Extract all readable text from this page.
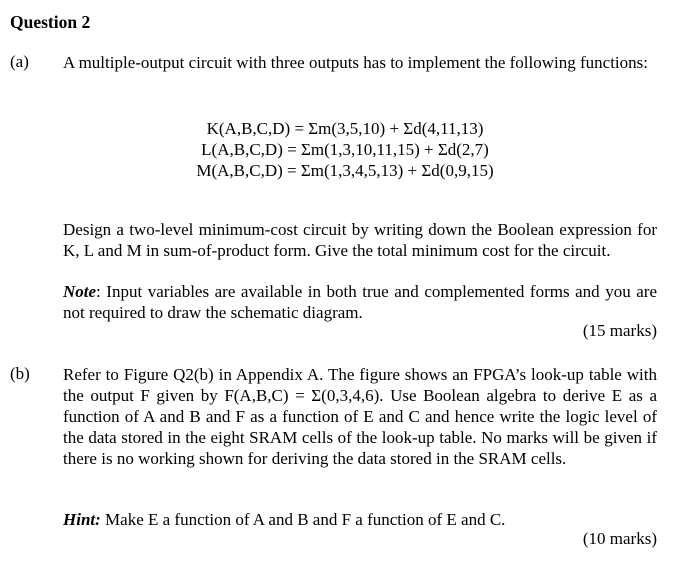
Question 2
(a) A multiple-output circuit with three outputs has to implement the following functions:
K(A,B,C,D) = Σm(3,5,10) + Σd(4,11,13)
L(A,B,C,D) = Σm(1,3,10,11,15) + Σd(2,7)
M(A,B,C,D) = Σm(1,3,4,5,13) + Σd(0,9,15)
Design a two-level minimum-cost circuit by writing down the Boolean expression for K, L and M in sum-of-product form. Give the total minimum cost for the circuit.
Note: Input variables are available in both true and complemented forms and you are not required to draw the schematic diagram.
(15 marks)
(b) Refer to Figure Q2(b) in Appendix A. The figure shows an FPGA’s look-up table with the output F given by F(A,B,C) = Σ(0,3,4,6). Use Boolean algebra to derive E as a function of A and B and F as a function of E and C and hence write the logic level of the data stored in the eight SRAM cells of the look-up table. No marks will be given if there is no working shown for deriving the data stored in the SRAM cells.
Hint: Make E a function of A and B and F a function of E and C.
(10 marks)
